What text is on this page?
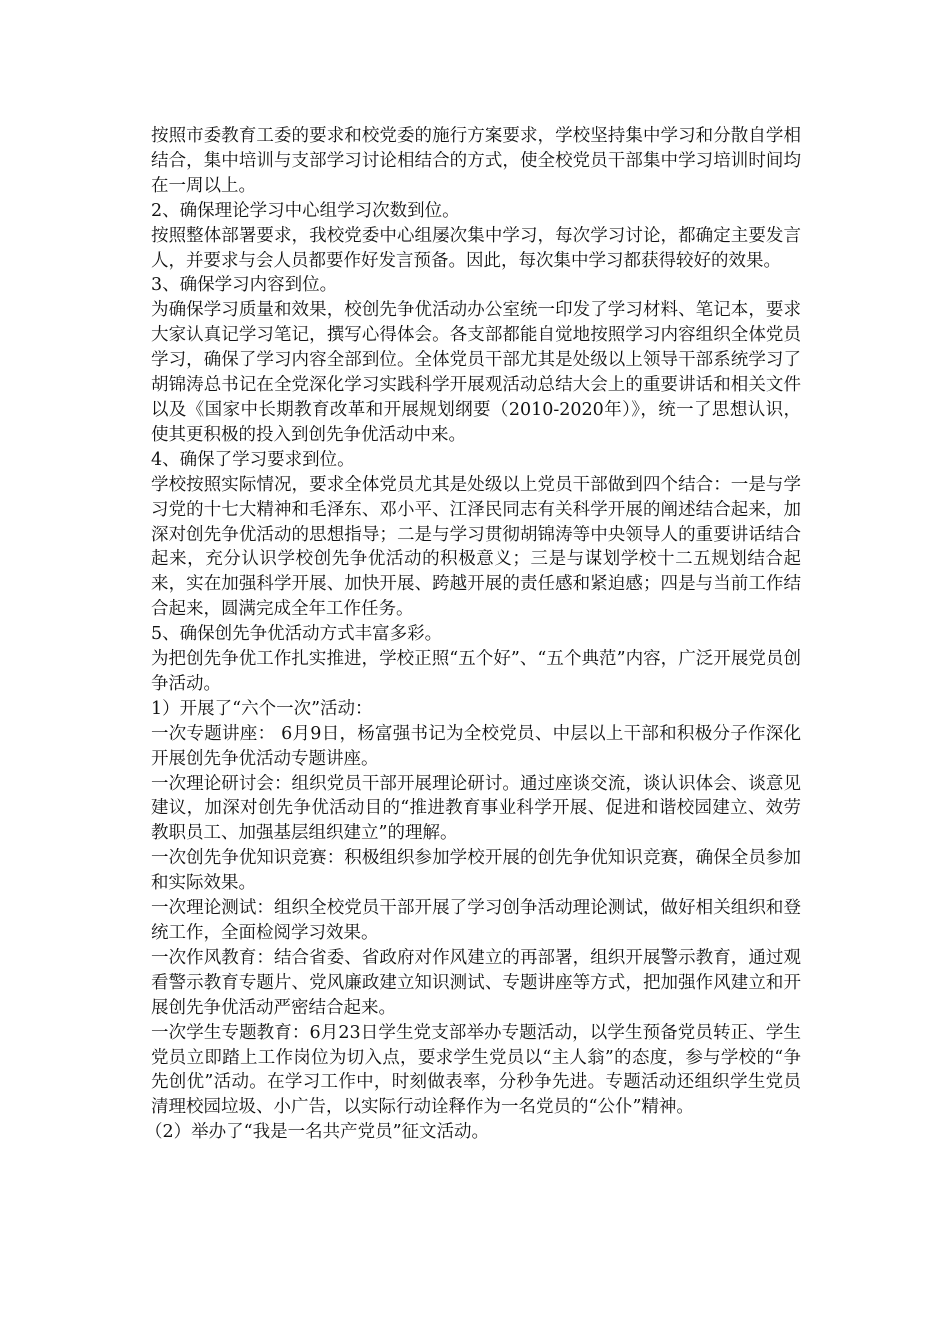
按照市委教育工委的要求和校党委的施行方案要求，学校坚持集中学习和分散自学相结合，集中培训与支部学习讨论相结合的方式，使全校党员干部集中学习培训时间均在一周以上。

2、确保理论学习中心组学习次数到位。

按照整体部署要求，我校党委中心组屡次集中学习，每次学习讨论，都确定主要发言人，并要求与会人员都要作好发言预备。因此，每次集中学习都获得较好的效果。

3、确保学习内容到位。

为确保学习质量和效果，校创先争优活动办公室统一印发了学习材料、笔记本，要求大家认真记学习笔记，撰写心得体会。各支部都能自觉地按照学习内容组织全体党员学习，确保了学习内容全部到位。全体党员干部尤其是处级以上领导干部系统学习了胡锦涛总书记在全党深化学习实践科学开展观活动总结大会上的重要讲话和相关文件以及《国家中长期教育改革和开展规划纲要（2010-2020年）》，统一了思想认识，使其更积极的投入到创先争优活动中来。

4、确保了学习要求到位。

学校按照实际情况，要求全体党员尤其是处级以上党员干部做到四个结合：一是与学习党的十七大精神和毛泽东、邓小平、江泽民同志有关科学开展的阐述结合起来，加深对创先争优活动的思想指导；二是与学习贯彻胡锦涛等中央领导人的重要讲话结合起来，充分认识学校创先争优活动的积极意义；三是与谋划学校十二五规划结合起来，实在加强科学开展、加快开展、跨越开展的责任感和紧迫感；四是与当前工作结合起来，圆满完成全年工作任务。

5、确保创先争优活动方式丰富多彩。

为把创先争优工作扎实推进，学校正照“五个好”、“五个典范”内容，广泛开展党员创争活动。

1）开展了“六个一次”活动：

一次专题讲座： 6月9日，杨富强书记为全校党员、中层以上干部和积极分子作深化开展创先争优活动专题讲座。

一次理论研讨会：组织党员干部开展理论研讨。通过座谈交流，谈认识体会、谈意见建议，加深对创先争优活动目的“推进教育事业科学开展、促进和谐校园建立、效劳教职员工、加强基层组织建立”的理解。

一次创先争优知识竞赛：积极组织参加学校开展的创先争优知识竞赛，确保全员参加和实际效果。

一次理论测试：组织全校党员干部开展了学习创争活动理论测试，做好相关组织和登统工作，全面检阅学习效果。

一次作风教育：结合省委、省政府对作风建立的再部署，组织开展警示教育，通过观看警示教育专题片、党风廉政建立知识测试、专题讲座等方式，把加强作风建立和开展创先争优活动严密结合起来。

一次学生专题教育：6月23日学生党支部举办专题活动，以学生预备党员转正、学生党员立即踏上工作岗位为切入点，要求学生党员以“主人翁”的态度，参与学校的“争先创优”活动。在学习工作中，时刻做表率，分秒争先进。专题活动还组织学生党员清理校园垃圾、小广告，以实际行动诠释作为一名党员的“公仆”精神。

（2）举办了“我是一名共产党员”征文活动。
